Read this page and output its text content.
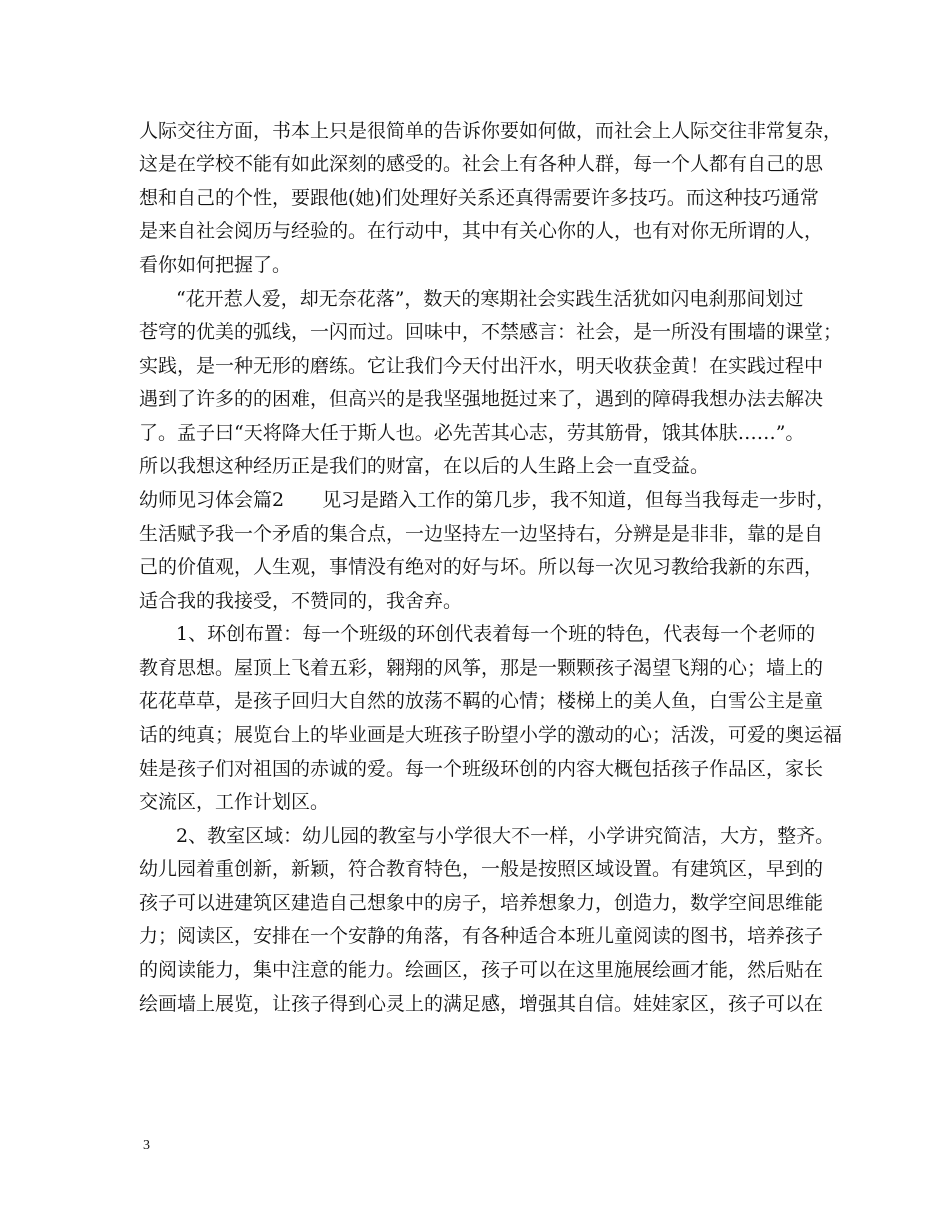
人际交往方面，书本上只是很简单的告诉你要如何做，而社会上人际交往非常复杂，
这是在学校不能有如此深刻的感受的。社会上有各种人群，每一个人都有自己的思
想和自己的个性，要跟他(她)们处理好关系还真得需要许多技巧。而这种技巧通常
是来自社会阅历与经验的。在行动中，其中有关心你的人，也有对你无所谓的人，
看你如何把握了。
“花开惹人爱，却无奈花落”，数天的寒期社会实践生活犹如闪电刹那间划过
苍穹的优美的弧线，一闪而过。回味中，不禁感言：社会，是一所没有围墙的课堂；
实践，是一种无形的磨练。它让我们今天付出汗水，明天收获金黄！在实践过程中
遇到了许多的的困难，但高兴的是我坚强地挺过来了，遇到的障碍我想办法去解决
了。孟子曰“天将降大任于斯人也。必先苦其心志，劳其筋骨，饿其体肤……”。
所以我想这种经历正是我们的财富，在以后的人生路上会一直受益。
幼师见习体会篇2　　见习是踏入工作的第几步，我不知道，但每当我每走一步时，
生活赋予我一个矛盾的集合点，一边坚持左一边坚持右，分辨是是非非，靠的是自
己的价值观，人生观，事情没有绝对的好与坏。所以每一次见习教给我新的东西，
适合我的我接受，不赞同的，我舍弃。
1、环创布置：每一个班级的环创代表着每一个班的特色，代表每一个老师的
教育思想。屋顶上飞着五彩，翱翔的风筝，那是一颗颗孩子渴望飞翔的心；墙上的
花花草草，是孩子回归大自然的放荡不羁的心情；楼梯上的美人鱼，白雪公主是童
话的纯真；展览台上的毕业画是大班孩子盼望小学的激动的心；活泼，可爱的奥运福
娃是孩子们对祖国的赤诚的爱。每一个班级环创的内容大概包括孩子作品区，家长
交流区，工作计划区。
2、教室区域：幼儿园的教室与小学很大不一样，小学讲究简洁，大方，整齐。
幼儿园着重创新，新颖，符合教育特色，一般是按照区域设置。有建筑区，早到的
孩子可以进建筑区建造自己想象中的房子，培养想象力，创造力，数学空间思维能
力；阅读区，安排在一个安静的角落，有各种适合本班儿童阅读的图书，培养孩子
的阅读能力，集中注意的能力。绘画区，孩子可以在这里施展绘画才能，然后贴在
绘画墙上展览，让孩子得到心灵上的满足感，增强其自信。娃娃家区，孩子可以在
3
